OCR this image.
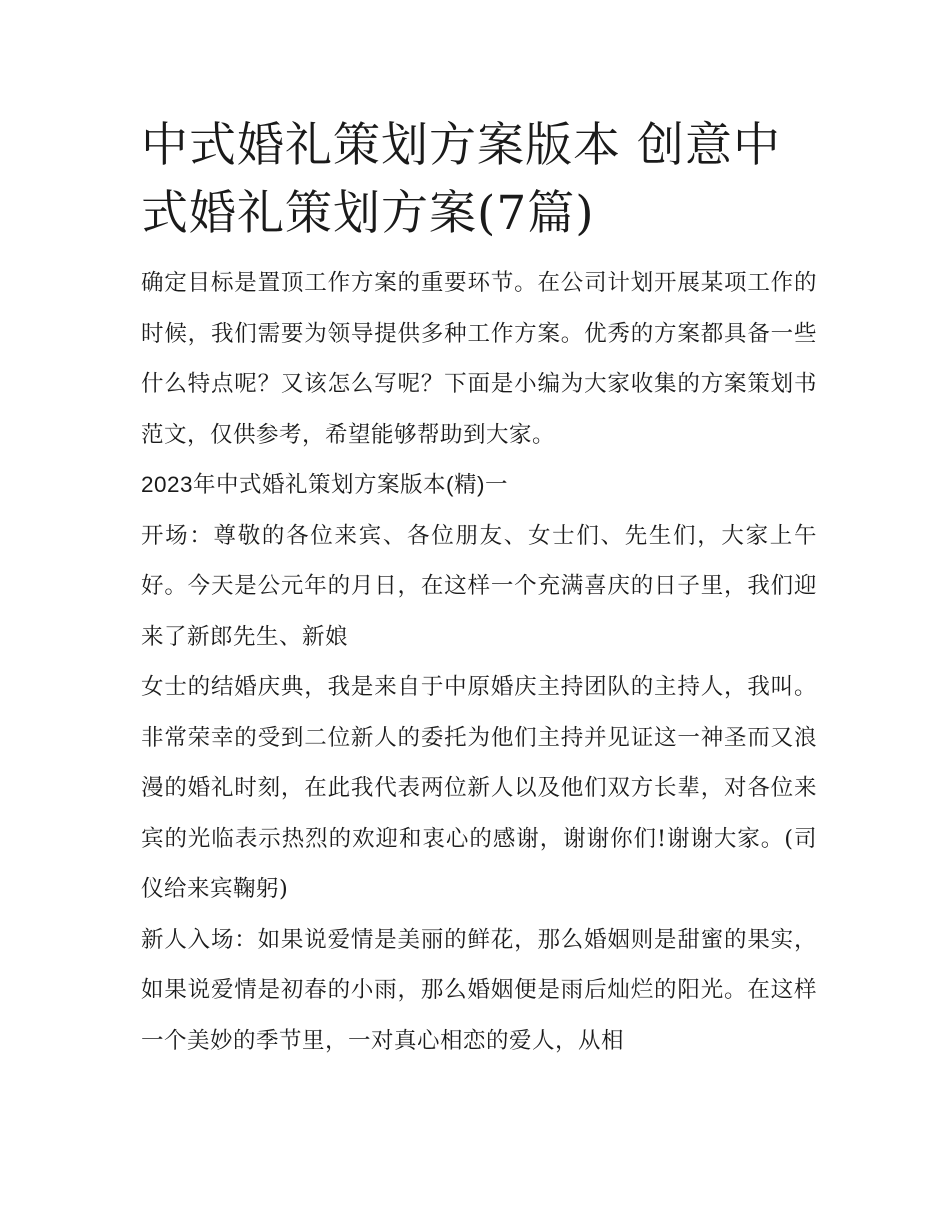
中式婚礼策划方案版本 创意中式婚礼策划方案(7篇)

确定目标是置顶工作方案的重要环节。在公司计划开展某项工作的时候，我们需要为领导提供多种工作方案。优秀的方案都具备一些什么特点呢？又该怎么写呢？下面是小编为大家收集的方案策划书范文，仅供参考，希望能够帮助到大家。

2023年中式婚礼策划方案版本(精)一

开场：尊敬的各位来宾、各位朋友、女士们、先生们，大家上午好。今天是公元年的月日，在这样一个充满喜庆的日子里，我们迎来了新郎先生、新娘

女士的结婚庆典，我是来自于中原婚庆主持团队的主持人，我叫。非常荣幸的受到二位新人的委托为他们主持并见证这一神圣而又浪漫的婚礼时刻，在此我代表两位新人以及他们双方长辈，对各位来宾的光临表示热烈的欢迎和衷心的感谢，谢谢你们!谢谢大家。(司仪给来宾鞠躬)

新人入场：如果说爱情是美丽的鲜花，那么婚姻则是甜蜜的果实，如果说爱情是初春的小雨，那么婚姻便是雨后灿烂的阳光。在这样一个美妙的季节里，一对真心相恋的爱人，从相
